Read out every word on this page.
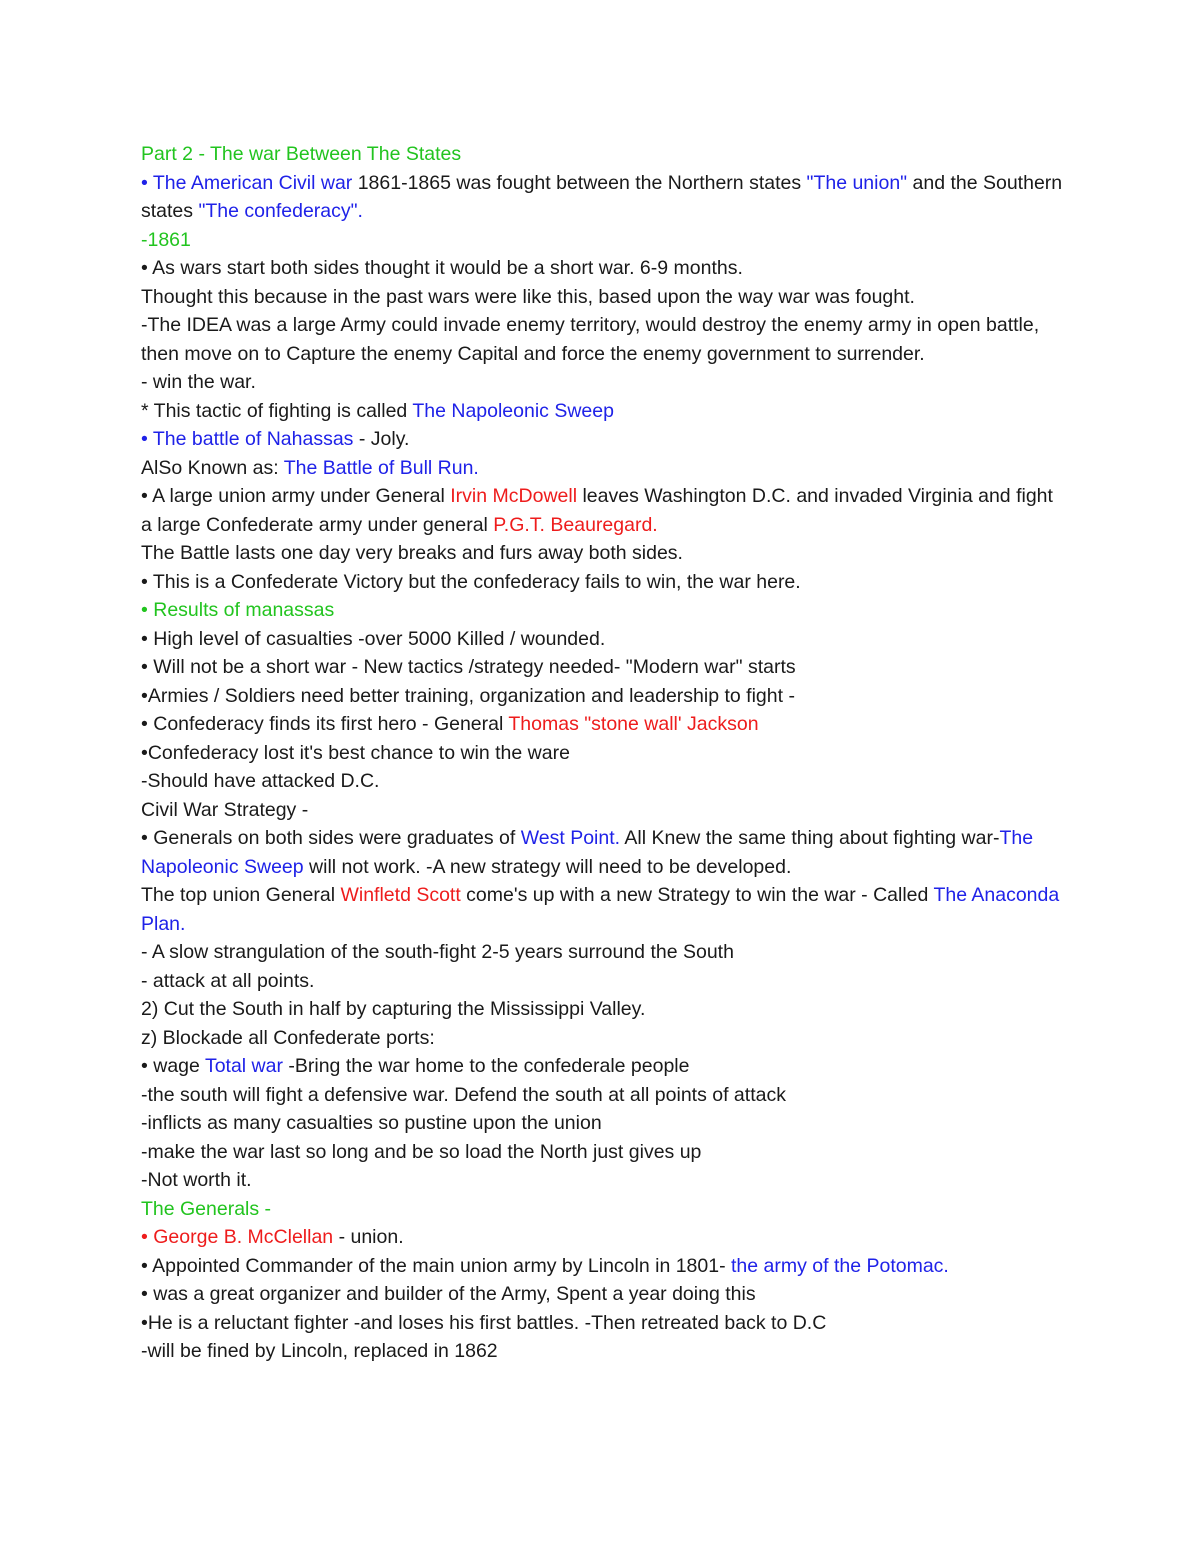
Part 2 - The war Between The States
• The American Civil war 1861-1865 was fought between the Northern states "The union" and the Southern states "The confederacy".
-1861
• As wars start both sides thought it would be a short war. 6-9 months.
Thought this because in the past wars were like this, based upon the way war was fought.
-The IDEA was a large Army could invade enemy territory, would destroy the enemy army in open battle, then move on to Capture the enemy Capital and force the enemy government to surrender.
- win the war.
* This tactic of fighting is called The Napoleonic Sweep
• The battle of Nahassas - Joly.
AlSo Known as: The Battle of Bull Run.
• A large union army under General Irvin McDowell leaves Washington D.C. and invaded Virginia and fight a large Confederate army under general P.G.T. Beauregard.
The Battle lasts one day very breaks and furs away both sides.
• This is a Confederate Victory but the confederacy fails to win, the war here.
• Results of manassas
• High level of casualties -over 5000 Killed / wounded.
• Will not be a short war - New tactics /strategy needed- "Modern war" starts
•Armies / Soldiers need better training, organization and leadership to fight -
• Confederacy finds its first hero - General Thomas "stone wall' Jackson
•Confederacy lost it's best chance to win the ware
-Should have attacked D.C.
Civil War Strategy -
• Generals on both sides were graduates of West Point. All Knew the same thing about fighting war-The Napoleonic Sweep will not work. -A new strategy will need to be developed.
The top union General Winfletd Scott come's up with a new Strategy to win the war - Called The Anaconda Plan.
- A slow strangulation of the south-fight 2-5 years surround the South
- attack at all points.
2) Cut the South in half by capturing the Mississippi Valley.
z) Blockade all Confederate ports:
• wage Total war -Bring the war home to the confederale people
-the south will fight a defensive war. Defend the south at all points of attack
-inflicts as many casualties so pustine upon the union
-make the war last so long and be so load the North just gives up
-Not worth it.
The Generals -
• George B. McClellan - union.
• Appointed Commander of the main union army by Lincoln in 1801- the army of the Potomac.
• was a great organizer and builder of the Army, Spent a year doing this
•He is a reluctant fighter -and loses his first battles. -Then retreated back to D.C
-will be fined by Lincoln, replaced in 1862
